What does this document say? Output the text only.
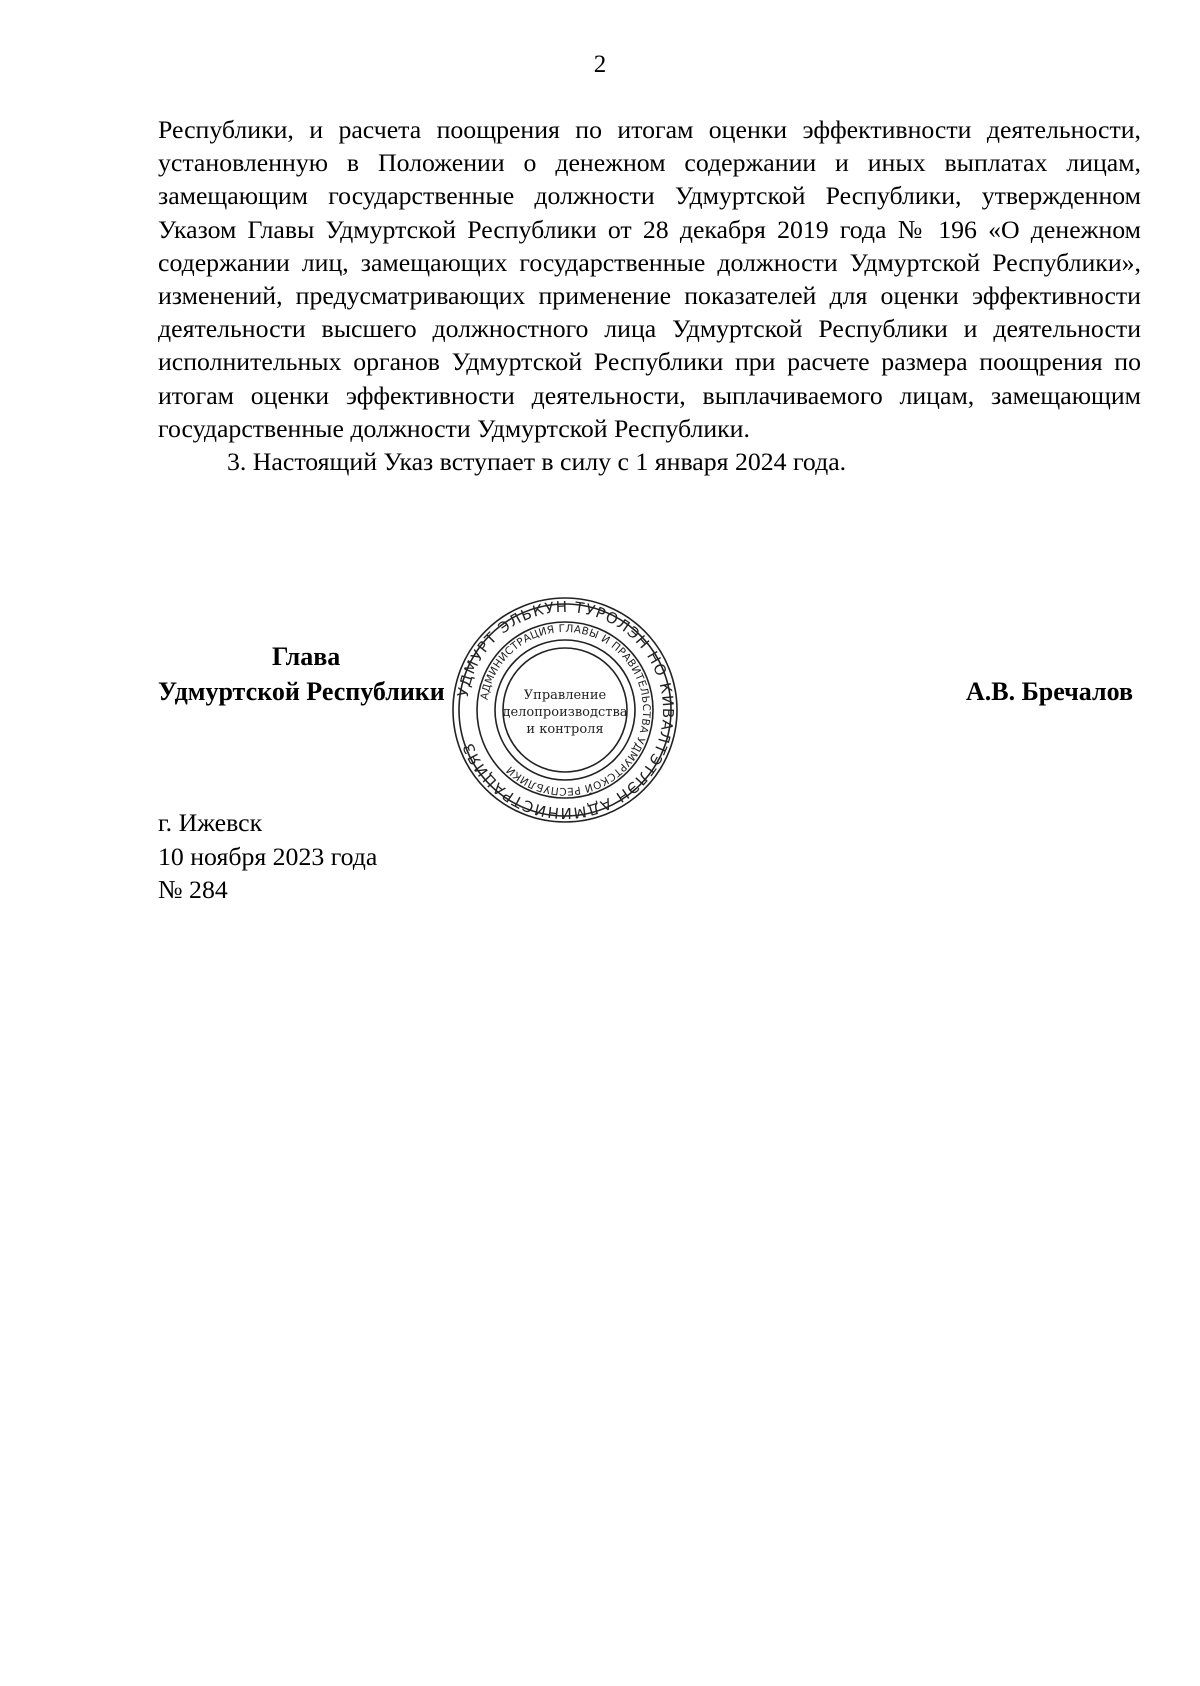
2

Республики, и расчета поощрения по итогам оценки эффективности деятельности, установленную в Положении о денежном содержании и иных выплатах лицам, замещающим государственные должности Удмуртской Республики, утвержденном Указом Главы Удмуртской Республики от 28 декабря 2019 года № 196 «О денежном содержании лиц, замещающих государственные должности Удмуртской Республики», изменений, предусматривающих применение показателей для оценки эффективности деятельности высшего должностного лица Удмуртской Республики и деятельности исполнительных органов Удмуртской Республики при расчете размера поощрения по итогам оценки эффективности деятельности, выплачиваемого лицам, замещающим государственные должности Удмуртской Республики.

3. Настоящий Указ вступает в силу с 1 января 2024 года.

Глава
Удмуртской Республики	А.В. Бречалов
УДМУРТ ЭЛЬКУН ТУРОЛЭН НО КИВАЛТЭТЛЭН АДМИНИСТРАЦИЯЗ
АДМИНИСТРАЦИЯ ГЛАВЫ И ПРАВИТЕЛЬСТВА УДМУРТСКОЙ РЕСПУБЛИКИ
Управление
делопроизводства
и контроля
г. Ижевск
10 ноября 2023 года
№ 284
